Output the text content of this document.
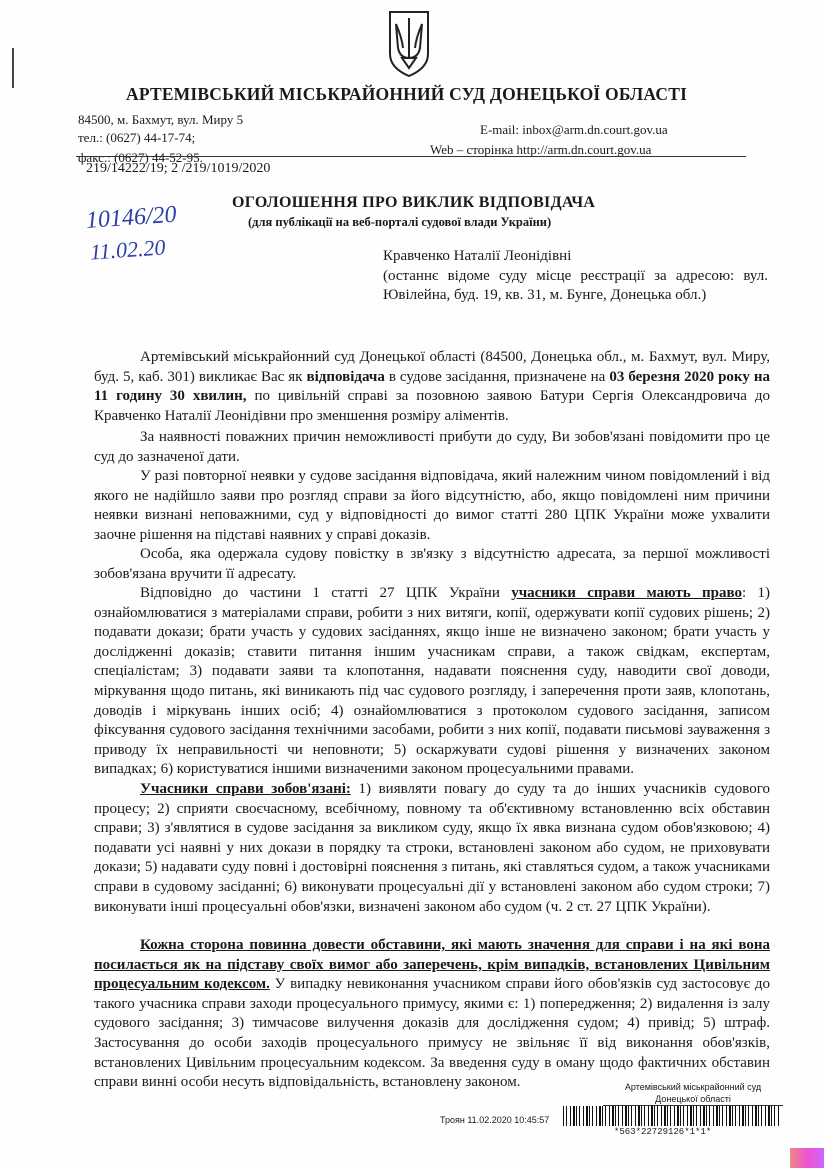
АРТЕМІВСЬКИЙ МІСЬКРАЙОННИЙ СУД ДОНЕЦЬКОЇ ОБЛАСТІ
84500, м. Бахмут, вул. Миру 5
тел.: (0627) 44-17-74;
факс.: (0627) 44-52-95.
E-mail: inbox@arm.dn.court.gov.ua
Web – сторінка http://arm.dn.court.gov.ua
219/14222/19; 2 /219/1019/2020
10146/20
11.02.20
ОГОЛОШЕННЯ ПРО ВИКЛИК ВІДПОВІДАЧА
(для публікації на веб-порталі судової влади України)
Кравченко Наталії Леонідівні
(останнє відоме суду місце реєстрації за адресою: вул. Ювілейна, буд. 19, кв. 31, м. Бунге, Донецька обл.)
Артемівський міськрайонний суд Донецької області (84500, Донецька обл., м. Бахмут, вул. Миру, буд. 5, каб. 301) викликає Вас як відповідача в судове засідання, призначене на 03 березня 2020 року на 11 годину 30 хвилин, по цивільній справі за позовною заявою Батури Сергія Олександровича до Кравченко Наталії Леонідівни про зменшення розміру аліментів.
За наявності поважних причин неможливості прибути до суду, Ви зобов'язані повідомити про це суд до зазначеної дати.
У разі повторної неявки у судове засідання відповідача, який належним чином повідомлений і від якого не надійшло заяви про розгляд справи за його відсутністю, або, якщо повідомлені ним причини неявки визнані неповажними, суд у відповідності до вимог статті 280 ЦПК України може ухвалити заочне рішення на підставі наявних у справі доказів.
Особа, яка одержала судову повістку в зв'язку з відсутністю адресата, за першої можливості зобов'язана вручити її адресату.
Відповідно до частини 1 статті 27 ЦПК України учасники справи мають право: 1) ознайомлюватися з матеріалами справи, робити з них витяги, копії, одержувати копії судових рішень; 2) подавати докази; брати участь у судових засіданнях, якщо інше не визначено законом; брати участь у дослідженні доказів; ставити питання іншим учасникам справи, а також свідкам, експертам, спеціалістам; 3) подавати заяви та клопотання, надавати пояснення суду, наводити свої доводи, міркування щодо питань, які виникають під час судового розгляду, і заперечення проти заяв, клопотань, доводів і міркувань інших осіб; 4) ознайомлюватися з протоколом судового засідання, записом фіксування судового засідання технічними засобами, робити з них копії, подавати письмові зауваження з приводу їх неправильності чи неповноти; 5) оскаржувати судові рішення у визначених законом випадках; 6) користуватися іншими визначеними законом процесуальними правами.
Учасники справи зобов'язані: 1) виявляти повагу до суду та до інших учасників судового процесу; 2) сприяти своєчасному, всебічному, повному та об'єктивному встановленню всіх обставин справи; 3) з'являтися в судове засідання за викликом суду, якщо їх явка визнана судом обов'язковою; 4) подавати усі наявні у них докази в порядку та строки, встановлені законом або судом, не приховувати докази; 5) надавати суду повні і достовірні пояснення з питань, які ставляться судом, а також учасниками справи в судовому засіданні; 6) виконувати процесуальні дії у встановлені законом або судом строки; 7) виконувати інші процесуальні обов'язки, визначені законом або судом (ч. 2 ст. 27 ЦПК України).
Кожна сторона повинна довести обставини, які мають значення для справи і на які вона посилається як на підставу своїх вимог або заперечень, крім випадків, встановлених Цивільним процесуальним кодексом. У випадку невиконання учасником справи його обов'язків суд застосовує до такого учасника справи заходи процесуального примусу, якими є: 1) попередження; 2) видалення із залу судового засідання; 3) тимчасове вилучення доказів для дослідження судом; 4) привід; 5) штраф. Застосування до особи заходів процесуального примусу не звільняє її від виконання обов'язків, встановлених Цивільним процесуальним кодексом. За введення суду в оману щодо фактичних обставин справи винні особи несуть відповідальність, встановлену законом.	Артемівський міськрайонний суд
Донецької області
Троян 11.02.2020 10:45:57
*563*22729126*1*1*
